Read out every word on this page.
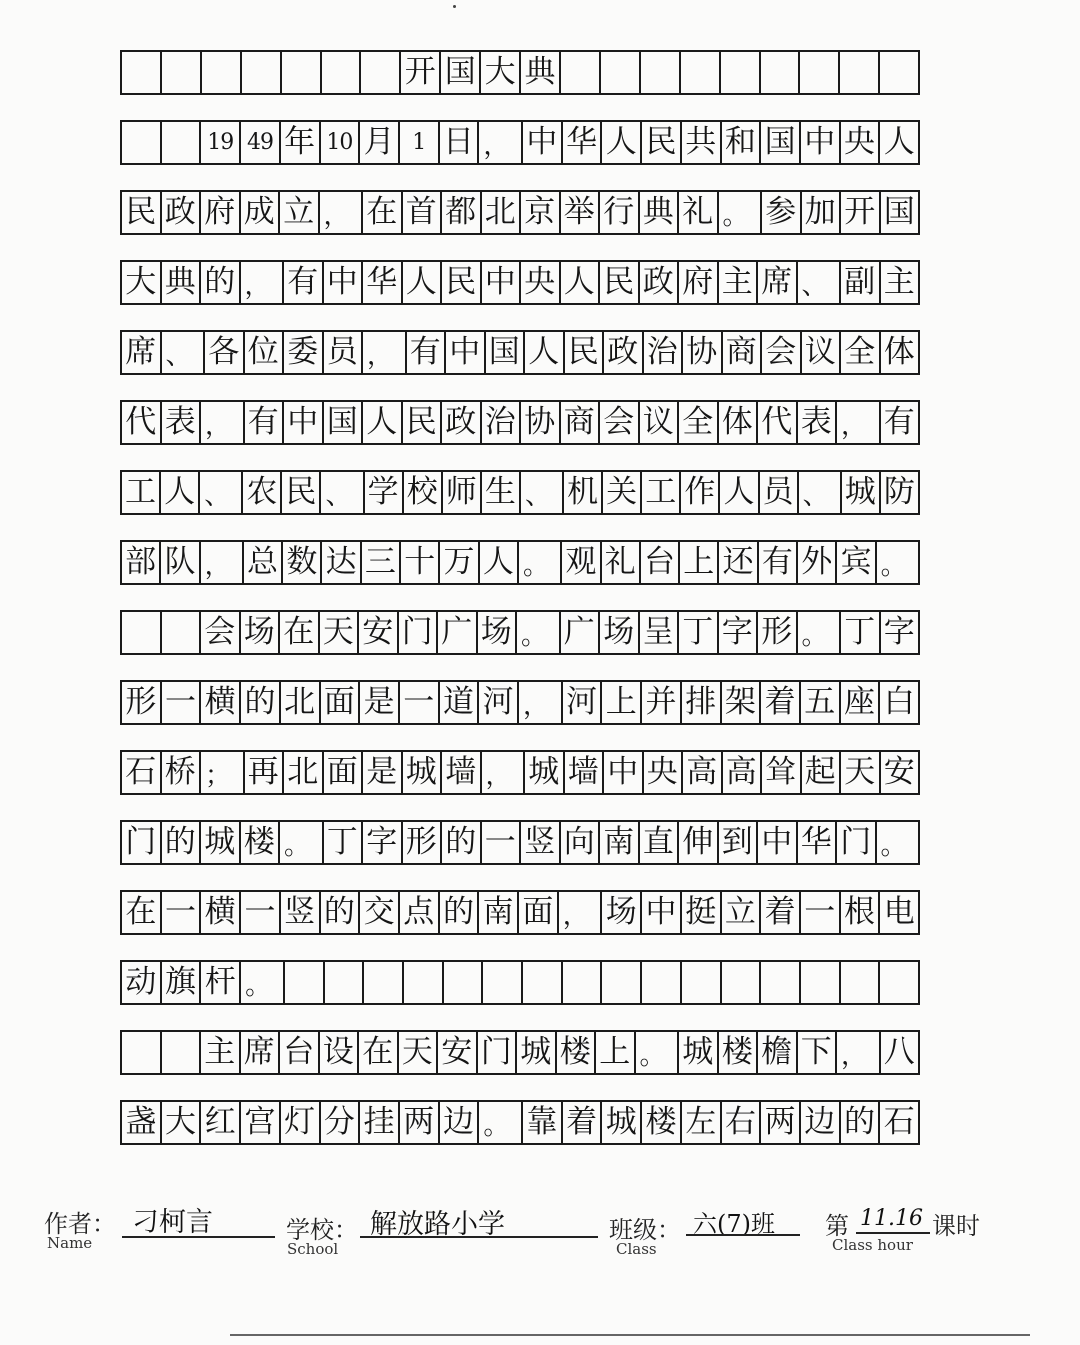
开 国 大 典
19 49 年 10 月 1 日 ， 中 华 人 民 共 和 国 中 央 人
民 政 府 成 立 ， 在 首 都 北 京 举 行 典 礼 。 参 加 开 国
大 典 的 ， 有 中 华 人 民 中 央 人 民 政 府 主 席 、 副 主
席 、 各 位 委 员 ， 有 中 国 人 民 政 治 协 商 会 议 全 体
代 表 ， 有 中 国 人 民 政 治 协 商 会 议 全 体 代 表 ， 有
工 人 、 农 民 、 学 校 师 生 、 机 关 工 作 人 员 、 城 防
部 队 ， 总 数 达 三 十 万 人 。 观 礼 台 上 还 有 外 宾 。
会 场 在 天 安 门 广 场 。 广 场 呈 丁 字 形 。 丁 字
形 一 横 的 北 面 是 一 道 河 ， 河 上 并 排 架 着 五 座 白
石 桥 ； 再 北 面 是 城 墙 ， 城 墙 中 央 高 高 耸 起 天 安
门 的 城 楼 。 丁 字 形 的 一 竖 向 南 直 伸 到 中 华 门 。
在 一 横 一 竖 的 交 点 的 南 面 ， 场 中 挺 立 着 一 根 电
动 旗 杆 。
主 席 台 设 在 天 安 门 城 楼 上 。 城 楼 檐 下 ， 八
盏 大 红 宫 灯 分 挂 两 边 。 靠 着 城 楼 左 右 两 边 的 石
作者：
Name
刁柯言	学校：
School
解放路小学	班级：
Class
六(7)班 第 11.16 课时
Class hour
